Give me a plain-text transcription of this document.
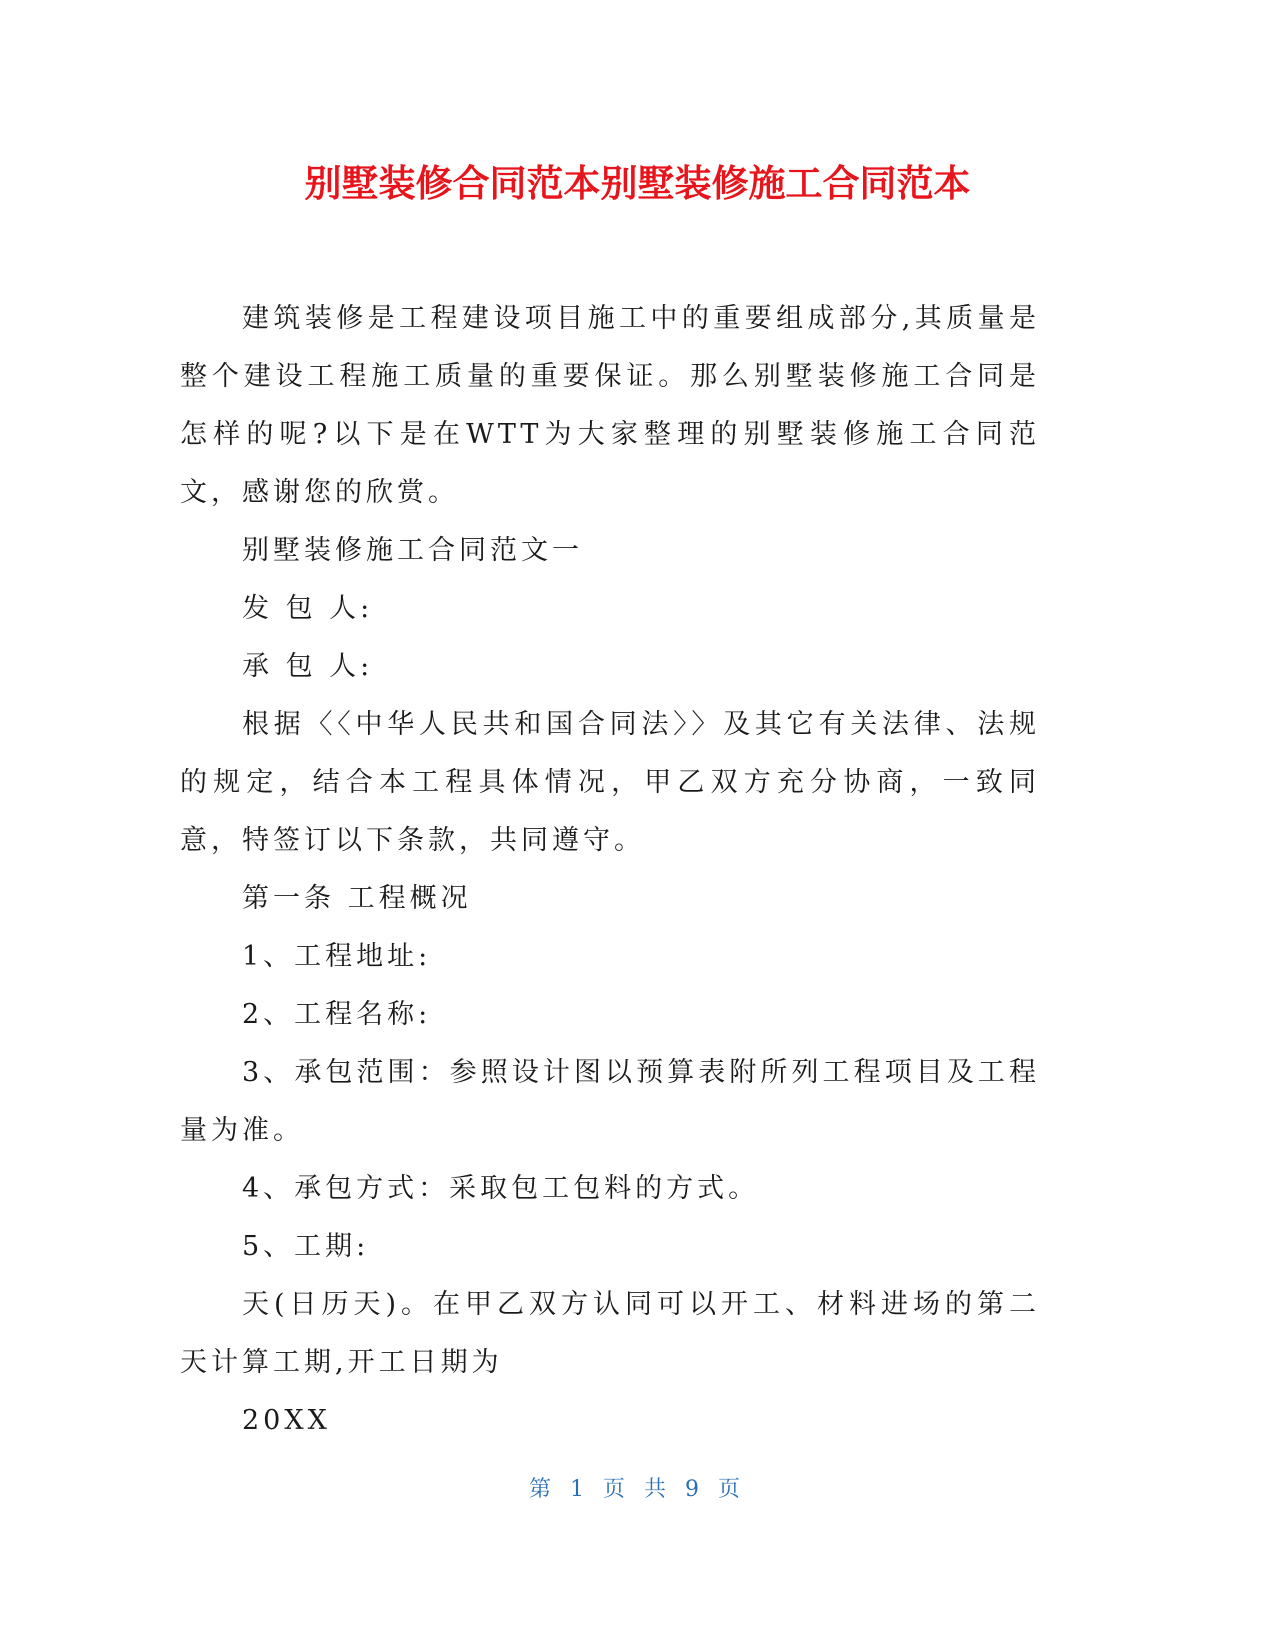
别墅装修合同范本别墅装修施工合同范本

建筑装修是工程建设项目施工中的重要组成部分,其质量是整个建设工程施工质量的重要保证。那么别墅装修施工合同是怎样的呢?以下是在WTT为大家整理的别墅装修施工合同范文，感谢您的欣赏。

别墅装修施工合同范文一

发 包 人:

承 包 人:

根据〈〈中华人民共和国合同法〉〉及其它有关法律、法规的规定，结合本工程具体情况，甲乙双方充分协商，一致同意，特签订以下条款，共同遵守。

第一条 工程概况

1、工程地址:

2、工程名称:

3、承包范围：参照设计图以预算表附所列工程项目及工程量为准。

4、承包方式：采取包工包料的方式。

5、工期:

天(日历天)。在甲乙双方认同可以开工、材料进场的第二天计算工期,开工日期为

20XX

第 1 页 共 9 页
